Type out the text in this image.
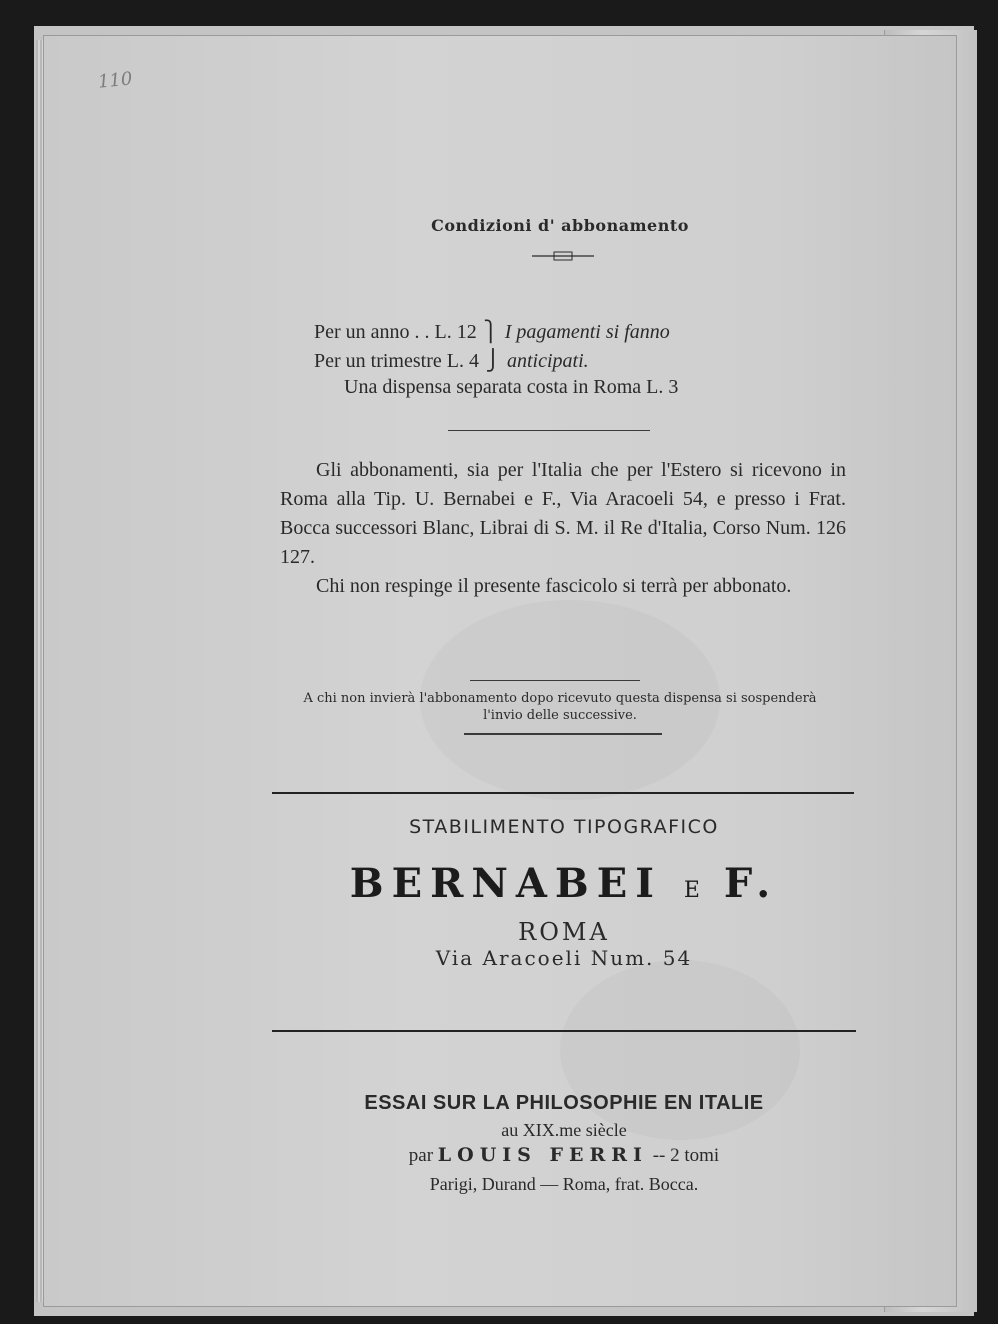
110
Condizioni d' abbonamento
Per un anno . . L. 12 ⎫ I pagamenti si fanno
Per un trimestre L. 4 ⎭ anticipati.
Una dispensa separata costa in Roma L. 3

Gli abbonamenti, sia per l'Italia che per l'Estero si ricevono in Roma alla Tip. U. Bernabei e F., Via Aracoeli 54, e presso i Frat. Bocca successori Blanc, Librai di S. M. il Re d'Italia, Corso Num. 126 127.

Chi non respinge il presente fascicolo si terrà per abbonato.

A chi non invierà l'abbonamento dopo ricevuto questa dispensa si sospenderà l'invio delle successive.
STABILIMENTO TIPOGRAFICO
BERNABEI E F.
ROMA
Via Aracoeli Num. 54
ESSAI SUR LA PHILOSOPHIE EN ITALIE
au XIX.me siècle
par LOUIS FERRI -- 2 tomi
Parigi, Durand — Roma, frat. Bocca.
